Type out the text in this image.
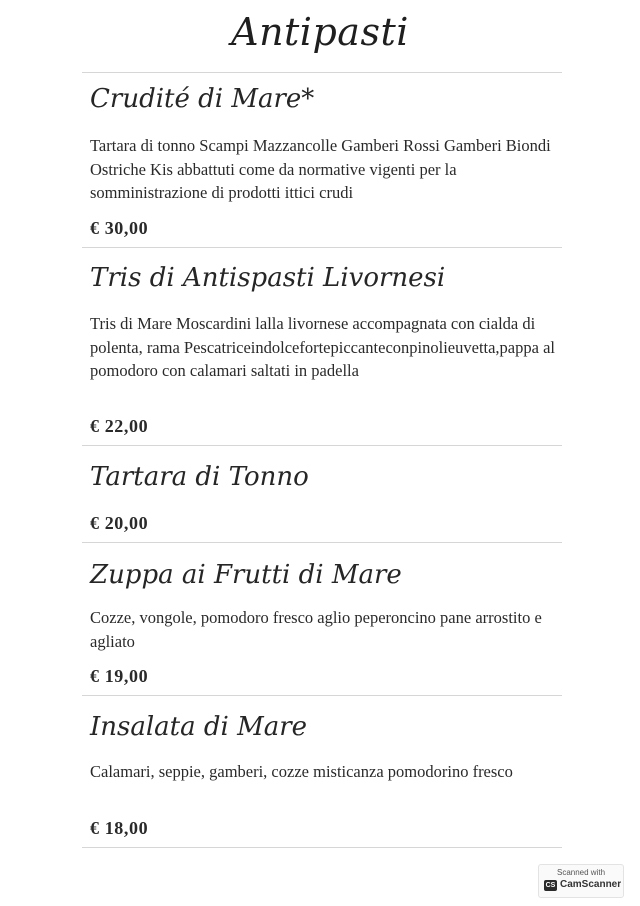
Antipasti
Crudité di Mare*
Tartara di tonno Scampi Mazzancolle Gamberi Rossi Gamberi Biondi Ostriche Kis abbattuti come da normative vigenti per la somministrazione di prodotti ittici crudi
€ 30,00
Tris di Antispasti Livornesi
Tris di Mare Moscardini lalla livornese accompagnata con cialda di polenta, rama Pescatriceindolcefortepiccanteconpinolieuvetta,pappa al pomodoro con calamari saltati in padella
€ 22,00
Tartara di Tonno
€ 20,00
Zuppa ai Frutti di Mare
Cozze, vongole, pomodoro fresco aglio peperoncino pane arrostito e agliato
€ 19,00
Insalata di Mare
Calamari, seppie, gamberi, cozze misticanza pomodorino fresco
€ 18,00
Scanned with
CS CamScanner
